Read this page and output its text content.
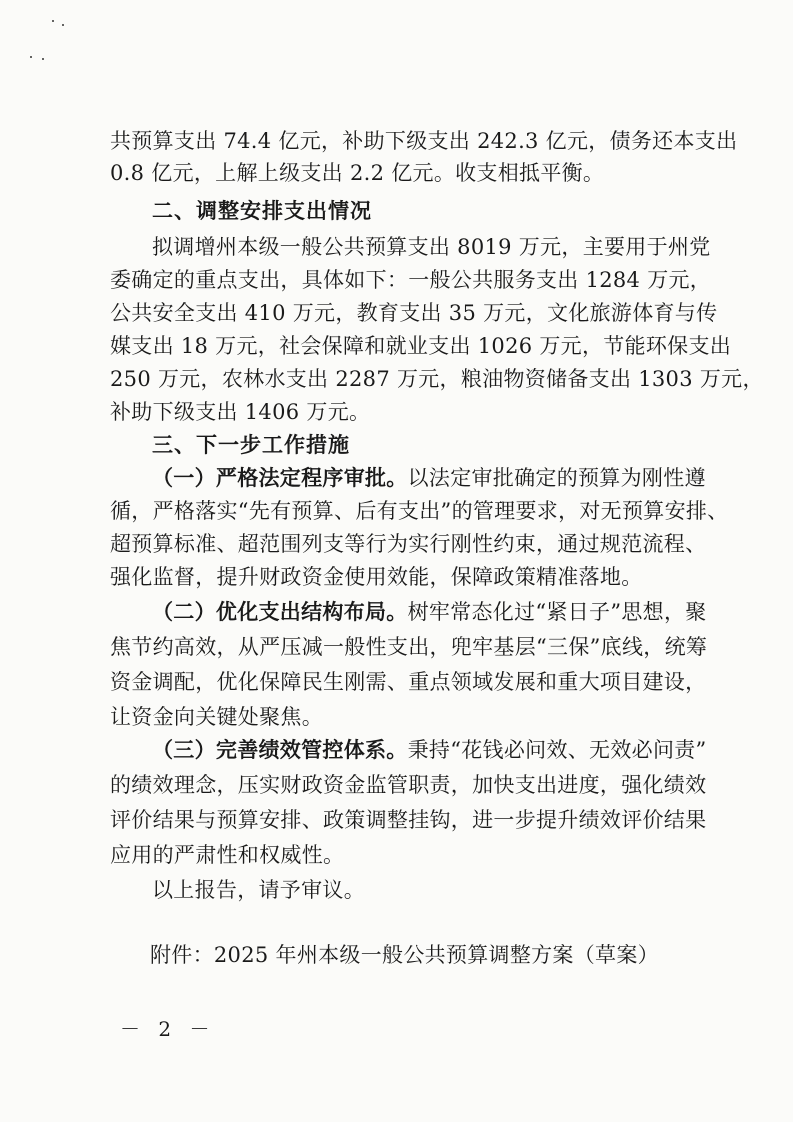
共预算支出 74.4 亿元，补助下级支出 242.3 亿元，债务还本支出
0.8 亿元，上解上级支出 2.2 亿元。收支相抵平衡。
二、调整安排支出情况
拟调增州本级一般公共预算支出 8019 万元，主要用于州党
委确定的重点支出，具体如下：一般公共服务支出 1284 万元，
公共安全支出 410 万元，教育支出 35 万元，文化旅游体育与传
媒支出 18 万元，社会保障和就业支出 1026 万元，节能环保支出
250 万元，农林水支出 2287 万元，粮油物资储备支出 1303 万元，
补助下级支出 1406 万元。
三、下一步工作措施
（一）严格法定程序审批。以法定审批确定的预算为刚性遵
循，严格落实“先有预算、后有支出”的管理要求，对无预算安排、
超预算标准、超范围列支等行为实行刚性约束，通过规范流程、
强化监督，提升财政资金使用效能，保障政策精准落地。
（二）优化支出结构布局。树牢常态化过“紧日子”思想，聚
焦节约高效，从严压减一般性支出，兜牢基层“三保”底线，统筹
资金调配，优化保障民生刚需、重点领域发展和重大项目建设，
让资金向关键处聚焦。
（三）完善绩效管控体系。秉持“花钱必问效、无效必问责”
的绩效理念，压实财政资金监管职责，加快支出进度，强化绩效
评价结果与预算安排、政策调整挂钩，进一步提升绩效评价结果
应用的严肃性和权威性。
以上报告，请予审议。
附件：2025 年州本级一般公共预算调整方案（草案）
－ 2 －
